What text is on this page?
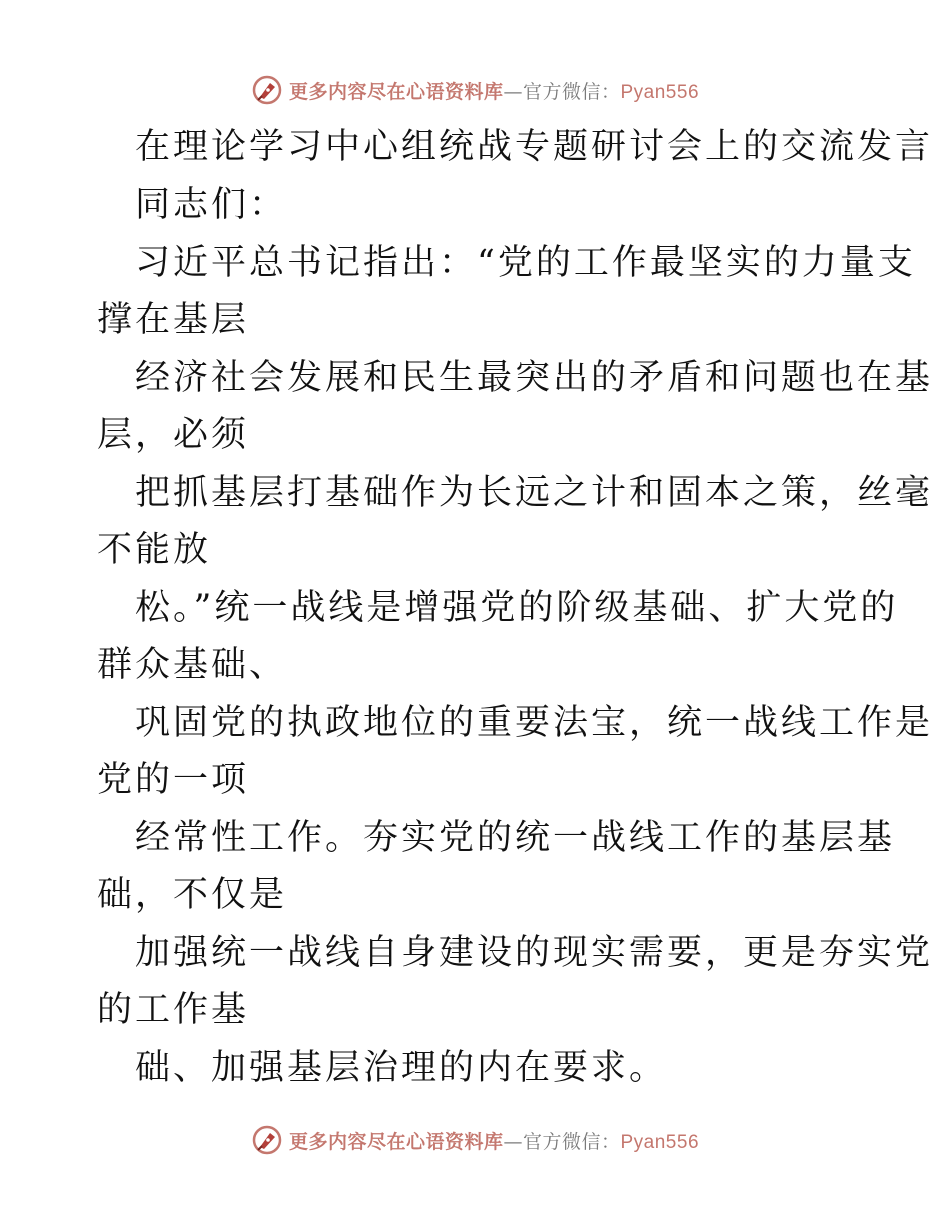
更多内容尽在心语资料库—官方微信：Pyan556
在理论学习中心组统战专题研讨会上的交流发言
同志们：
习近平总书记指出：“党的工作最坚实的力量支
撑在基层
经济社会发展和民生最突出的矛盾和问题也在基
层，必须
把抓基层打基础作为长远之计和固本之策，丝毫
不能放
松。”统一战线是增强党的阶级基础、扩大党的
群众基础、
巩固党的执政地位的重要法宝，统一战线工作是
党的一项
经常性工作。夯实党的统一战线工作的基层基
础，不仅是
加强统一战线自身建设的现实需要，更是夯实党
的工作基
础、加强基层治理的内在要求。
更多内容尽在心语资料库—官方微信：Pyan556
